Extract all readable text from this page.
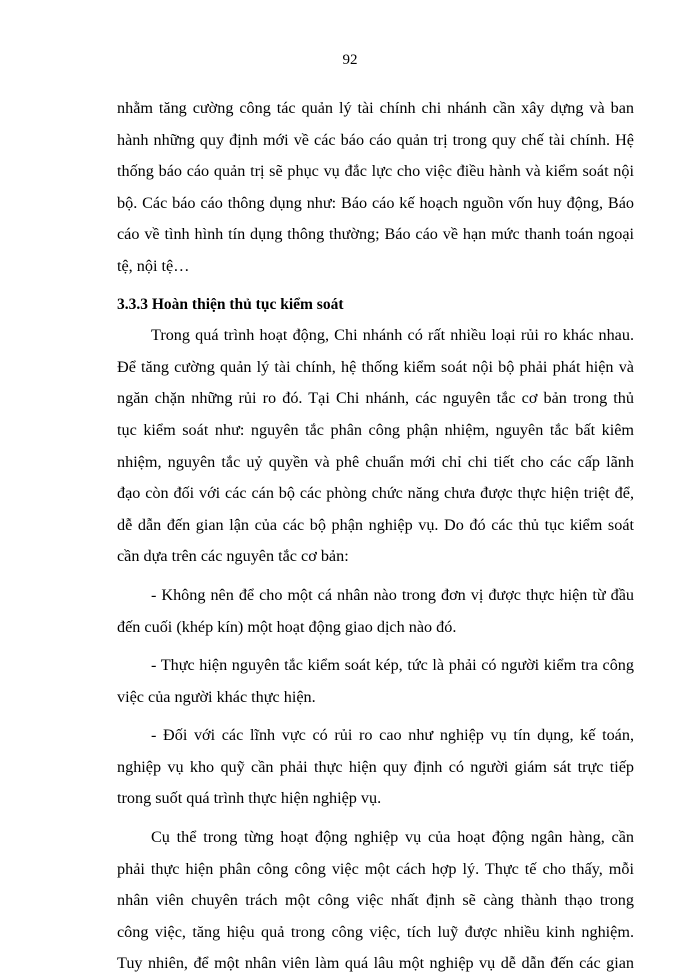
92
nhằm tăng cường công tác quản lý tài chính chi nhánh cần xây dựng và ban
hành những quy định mới về các báo cáo quản trị trong quy chế tài chính. Hệ
thống báo cáo quản trị sẽ phục vụ đắc lực cho việc điều hành và kiểm soát nội
bộ. Các báo cáo thông dụng như: Báo cáo kế hoạch nguồn vốn huy động, Báo
cáo về tình hình tín dụng thông thường; Báo cáo về hạn mức thanh toán ngoại
tệ, nội tệ…
3.3.3 Hoàn thiện thủ tục kiểm soát
Trong quá trình hoạt động, Chi nhánh có rất nhiều loại rủi ro khác nhau.
Để tăng cường quản lý tài chính, hệ thống kiểm soát nội bộ phải phát hiện và
ngăn chặn những rủi ro đó. Tại Chi nhánh, các nguyên tắc cơ bản trong thủ
tục kiểm soát như: nguyên tắc phân công phận nhiệm, nguyên tắc bất kiêm
nhiệm, nguyên tắc uỷ quyền và phê chuẩn mới chỉ chi tiết cho các cấp lãnh
đạo còn đối với các cán bộ các phòng chức năng chưa được thực hiện triệt để,
dễ dẫn đến gian lận của các bộ phận nghiệp vụ. Do đó các thủ tục kiểm soát
cần dựa trên các nguyên tắc cơ bản:
- Không nên để cho một cá nhân nào trong đơn vị được thực hiện từ đầu
đến cuối (khép kín) một hoạt động giao dịch nào đó.
- Thực hiện nguyên tắc kiểm soát kép, tức là phải có người kiểm tra công
việc của người khác thực hiện.
- Đối với các lĩnh vực có rủi ro cao như nghiệp vụ tín dụng, kế toán,
nghiệp vụ kho quỹ cần phải thực hiện quy định có người giám sát trực tiếp
trong suốt quá trình thực hiện nghiệp vụ.
Cụ thể trong từng hoạt động nghiệp vụ của hoạt động ngân hàng, cần
phải thực hiện phân công công việc một cách hợp lý. Thực tế cho thấy, mỗi
nhân viên chuyên trách một công việc nhất định sẽ càng thành thạo trong
công việc, tăng hiệu quả trong công việc, tích luỹ được nhiều kinh nghiệm.
Tuy nhiên, để một nhân viên làm quá lâu một nghiệp vụ dễ dẫn đến các gian
